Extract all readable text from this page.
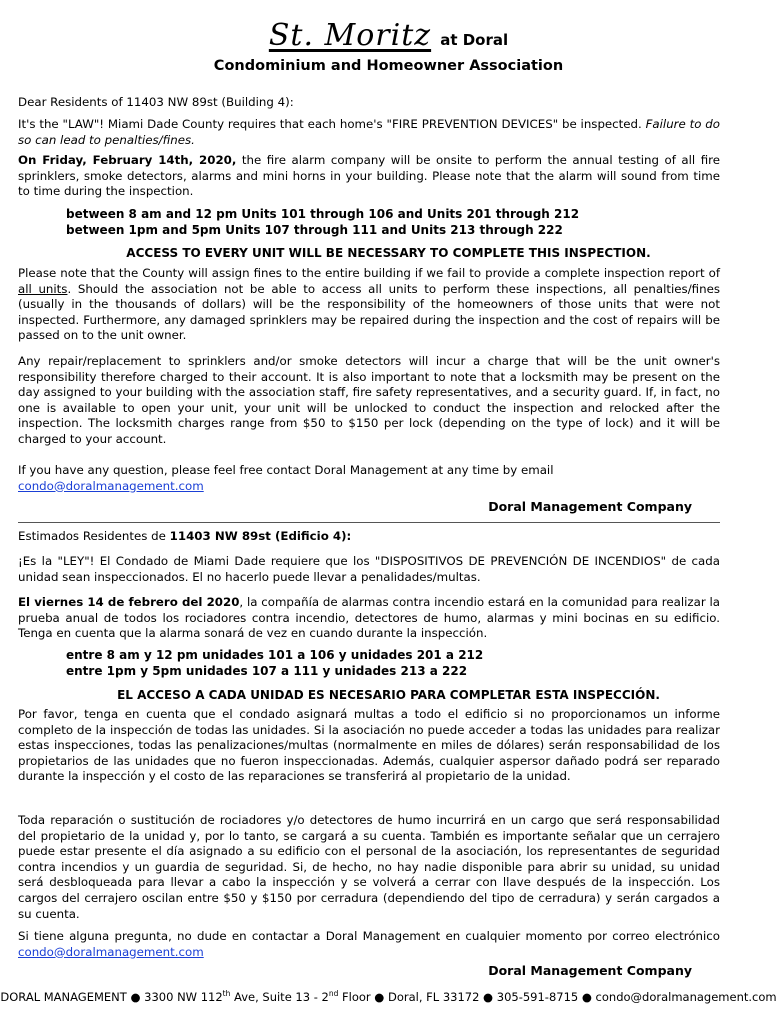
St. Moritz at Doral
Condominium and Homeowner Association

Dear Residents of 11403 NW 89st (Building 4):

It's the "LAW"! Miami Dade County requires that each home's "FIRE PREVENTION DEVICES" be inspected. Failure to do so can lead to penalties/fines.

On Friday, February 14th, 2020, the fire alarm company will be onsite to perform the annual testing of all fire sprinklers, smoke detectors, alarms and mini horns in your building. Please note that the alarm will sound from time to time during the inspection.

between 8 am and 12 pm Units 101 through 106 and Units 201 through 212

between 1pm and 5pm Units 107 through 111 and Units 213 through 222

ACCESS TO EVERY UNIT WILL BE NECESSARY TO COMPLETE THIS INSPECTION.

Please note that the County will assign fines to the entire building if we fail to provide a complete inspection report of all units. Should the association not be able to access all units to perform these inspections, all penalties/fines (usually in the thousands of dollars) will be the responsibility of the homeowners of those units that were not inspected. Furthermore, any damaged sprinklers may be repaired during the inspection and the cost of repairs will be passed on to the unit owner.

Any repair/replacement to sprinklers and/or smoke detectors will incur a charge that will be the unit owner's responsibility therefore charged to their account. It is also important to note that a locksmith may be present on the day assigned to your building with the association staff, fire safety representatives, and a security guard. If, in fact, no one is available to open your unit, your unit will be unlocked to conduct the inspection and relocked after the inspection. The locksmith charges range from $50 to $150 per lock (depending on the type of lock) and it will be charged to your account.

If you have any question, please feel free contact Doral Management at any time by email
condo@doralmanagement.com

Doral Management Company

Estimados Residentes de 11403 NW 89st (Edificio 4):

¡Es la "LEY"! El Condado de Miami Dade requiere que los "DISPOSITIVOS DE PREVENCIÓN DE INCENDIOS" de cada unidad sean inspeccionados. El no hacerlo puede llevar a penalidades/multas.

El viernes 14 de febrero del 2020, la compañía de alarmas contra incendio estará en la comunidad para realizar la prueba anual de todos los rociadores contra incendio, detectores de humo, alarmas y mini bocinas en su edificio. Tenga en cuenta que la alarma sonará de vez en cuando durante la inspección.

entre 8 am y 12 pm unidades 101 a 106 y unidades 201 a 212

entre 1pm y 5pm unidades 107 a 111 y unidades 213 a 222

EL ACCESO A CADA UNIDAD ES NECESARIO PARA COMPLETAR ESTA INSPECCIÓN.

Por favor, tenga en cuenta que el condado asignará multas a todo el edificio si no proporcionamos un informe completo de la inspección de todas las unidades. Si la asociación no puede acceder a todas las unidades para realizar estas inspecciones, todas las penalizaciones/multas (normalmente en miles de dólares) serán responsabilidad de los propietarios de las unidades que no fueron inspeccionadas. Además, cualquier aspersor dañado podrá ser reparado durante la inspección y el costo de las reparaciones se transferirá al propietario de la unidad.

Toda reparación o sustitución de rociadores y/o detectores de humo incurrirá en un cargo que será responsabilidad del propietario de la unidad y, por lo tanto, se cargará a su cuenta. También es importante señalar que un cerrajero puede estar presente el día asignado a su edificio con el personal de la asociación, los representantes de seguridad contra incendios y un guardia de seguridad. Si, de hecho, no hay nadie disponible para abrir su unidad, su unidad será desbloqueada para llevar a cabo la inspección y se volverá a cerrar con llave después de la inspección. Los cargos del cerrajero oscilan entre $50 y $150 por cerradura (dependiendo del tipo de cerradura) y serán cargados a su cuenta.

Si tiene alguna pregunta, no dude en contactar a Doral Management en cualquier momento por correo electrónico condo@doralmanagement.com

Doral Management Company

DORAL MANAGEMENT ● 3300 NW 112th Ave, Suite 13 - 2nd Floor ● Doral, FL 33172 ● 305-591-8715 ● condo@doralmanagement.com
